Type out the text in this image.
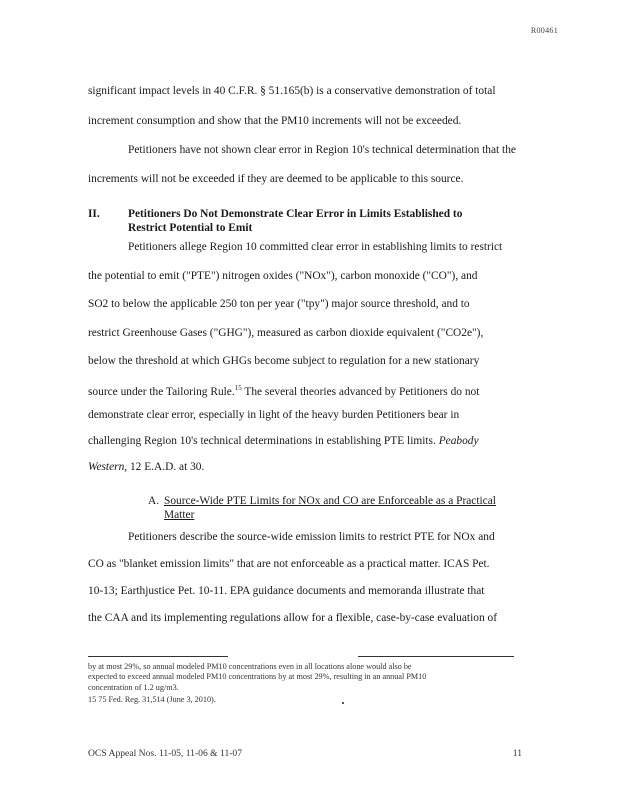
R00461
significant impact levels in 40 C.F.R. § 51.165(b) is a conservative demonstration of total
increment consumption and show that the PM10 increments will not be exceeded.
Petitioners have not shown clear error in Region 10's technical determination that the
increments will not be exceeded if they are deemed to be applicable to this source.
II. Petitioners Do Not Demonstrate Clear Error in Limits Established to
Restrict Potential to Emit
Petitioners allege Region 10 committed clear error in establishing limits to restrict
the potential to emit ("PTE") nitrogen oxides ("NOx"), carbon monoxide ("CO"), and
SO2 to below the applicable 250 ton per year ("tpy") major source threshold, and to
restrict Greenhouse Gases ("GHG"), measured as carbon dioxide equivalent ("CO2e"),
below the threshold at which GHGs become subject to regulation for a new stationary
source under the Tailoring Rule.$^{15}$ The several theories advanced by Petitioners do not
demonstrate clear error, especially in light of the heavy burden Petitioners bear in
challenging Region 10's technical determinations in establishing PTE limits. Peabody
Western, 12 E.A.D. at 30.
A. Source-Wide PTE Limits for NOx and CO are Enforceable as a Practical
Matter
Petitioners describe the source-wide emission limits to restrict PTE for NOx and
CO as "blanket emission limits" that are not enforceable as a practical matter. ICAS Pet.
10-13; Earthjustice Pet. 10-11. EPA guidance documents and memoranda illustrate that
the CAA and its implementing regulations allow for a flexible, case-by-case evaluation of
by at most 29%, so annual modeled PM10 concentrations even in all locations alone would also be
expected to exceed annual modeled PM10 concentrations by at most 29%, resulting in an annual PM10
concentration of 1.2 ug/m3.
15 75 Fed. Reg. 31,514 (June 3, 2010).
OCS Appeal Nos. 11-05, 11-06 & 11-07	11
